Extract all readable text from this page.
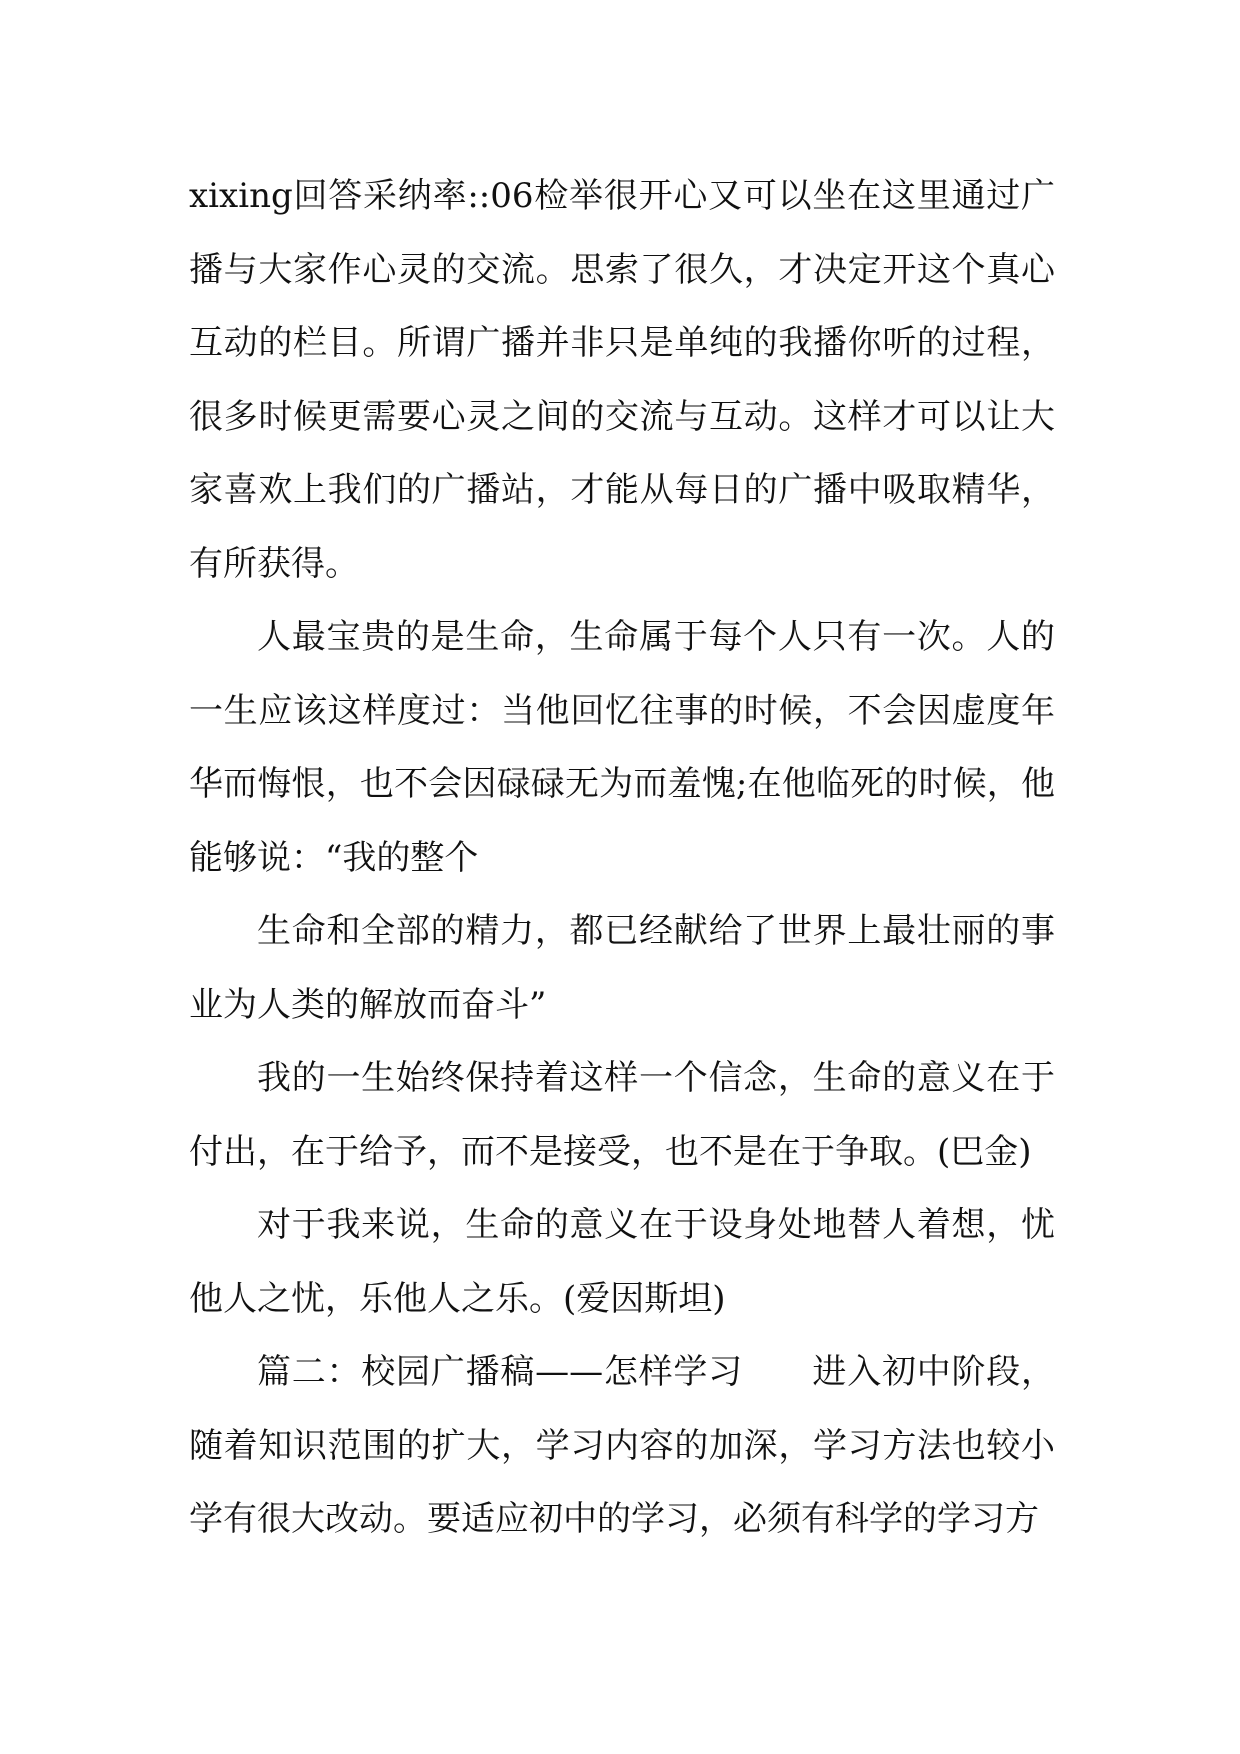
xixing回答采纳率::06检举很开心又可以坐在这里通过广播与大家作心灵的交流。思索了很久，才决定开这个真心互动的栏目。所谓广播并非只是单纯的我播你听的过程，很多时候更需要心灵之间的交流与互动。这样才可以让大家喜欢上我们的广播站，才能从每日的广播中吸取精华，有所获得。

人最宝贵的是生命，生命属于每个人只有一次。人的一生应该这样度过：当他回忆往事的时候，不会因虚度年华而悔恨，也不会因碌碌无为而羞愧;在他临死的时候，他能够说：“我的整个

生命和全部的精力，都已经献给了世界上最壮丽的事业为人类的解放而奋斗”

我的一生始终保持着这样一个信念，生命的意义在于付出，在于给予，而不是接受，也不是在于争取。(巴金)

对于我来说，生命的意义在于设身处地替人着想，忧他人之忧，乐他人之乐。(爱因斯坦)

篇二：校园广播稿——怎样学习　　进入初中阶段，随着知识范围的扩大，学习内容的加深，学习方法也较小学有很大改动。要适应初中的学习，必须有科学的学习方
